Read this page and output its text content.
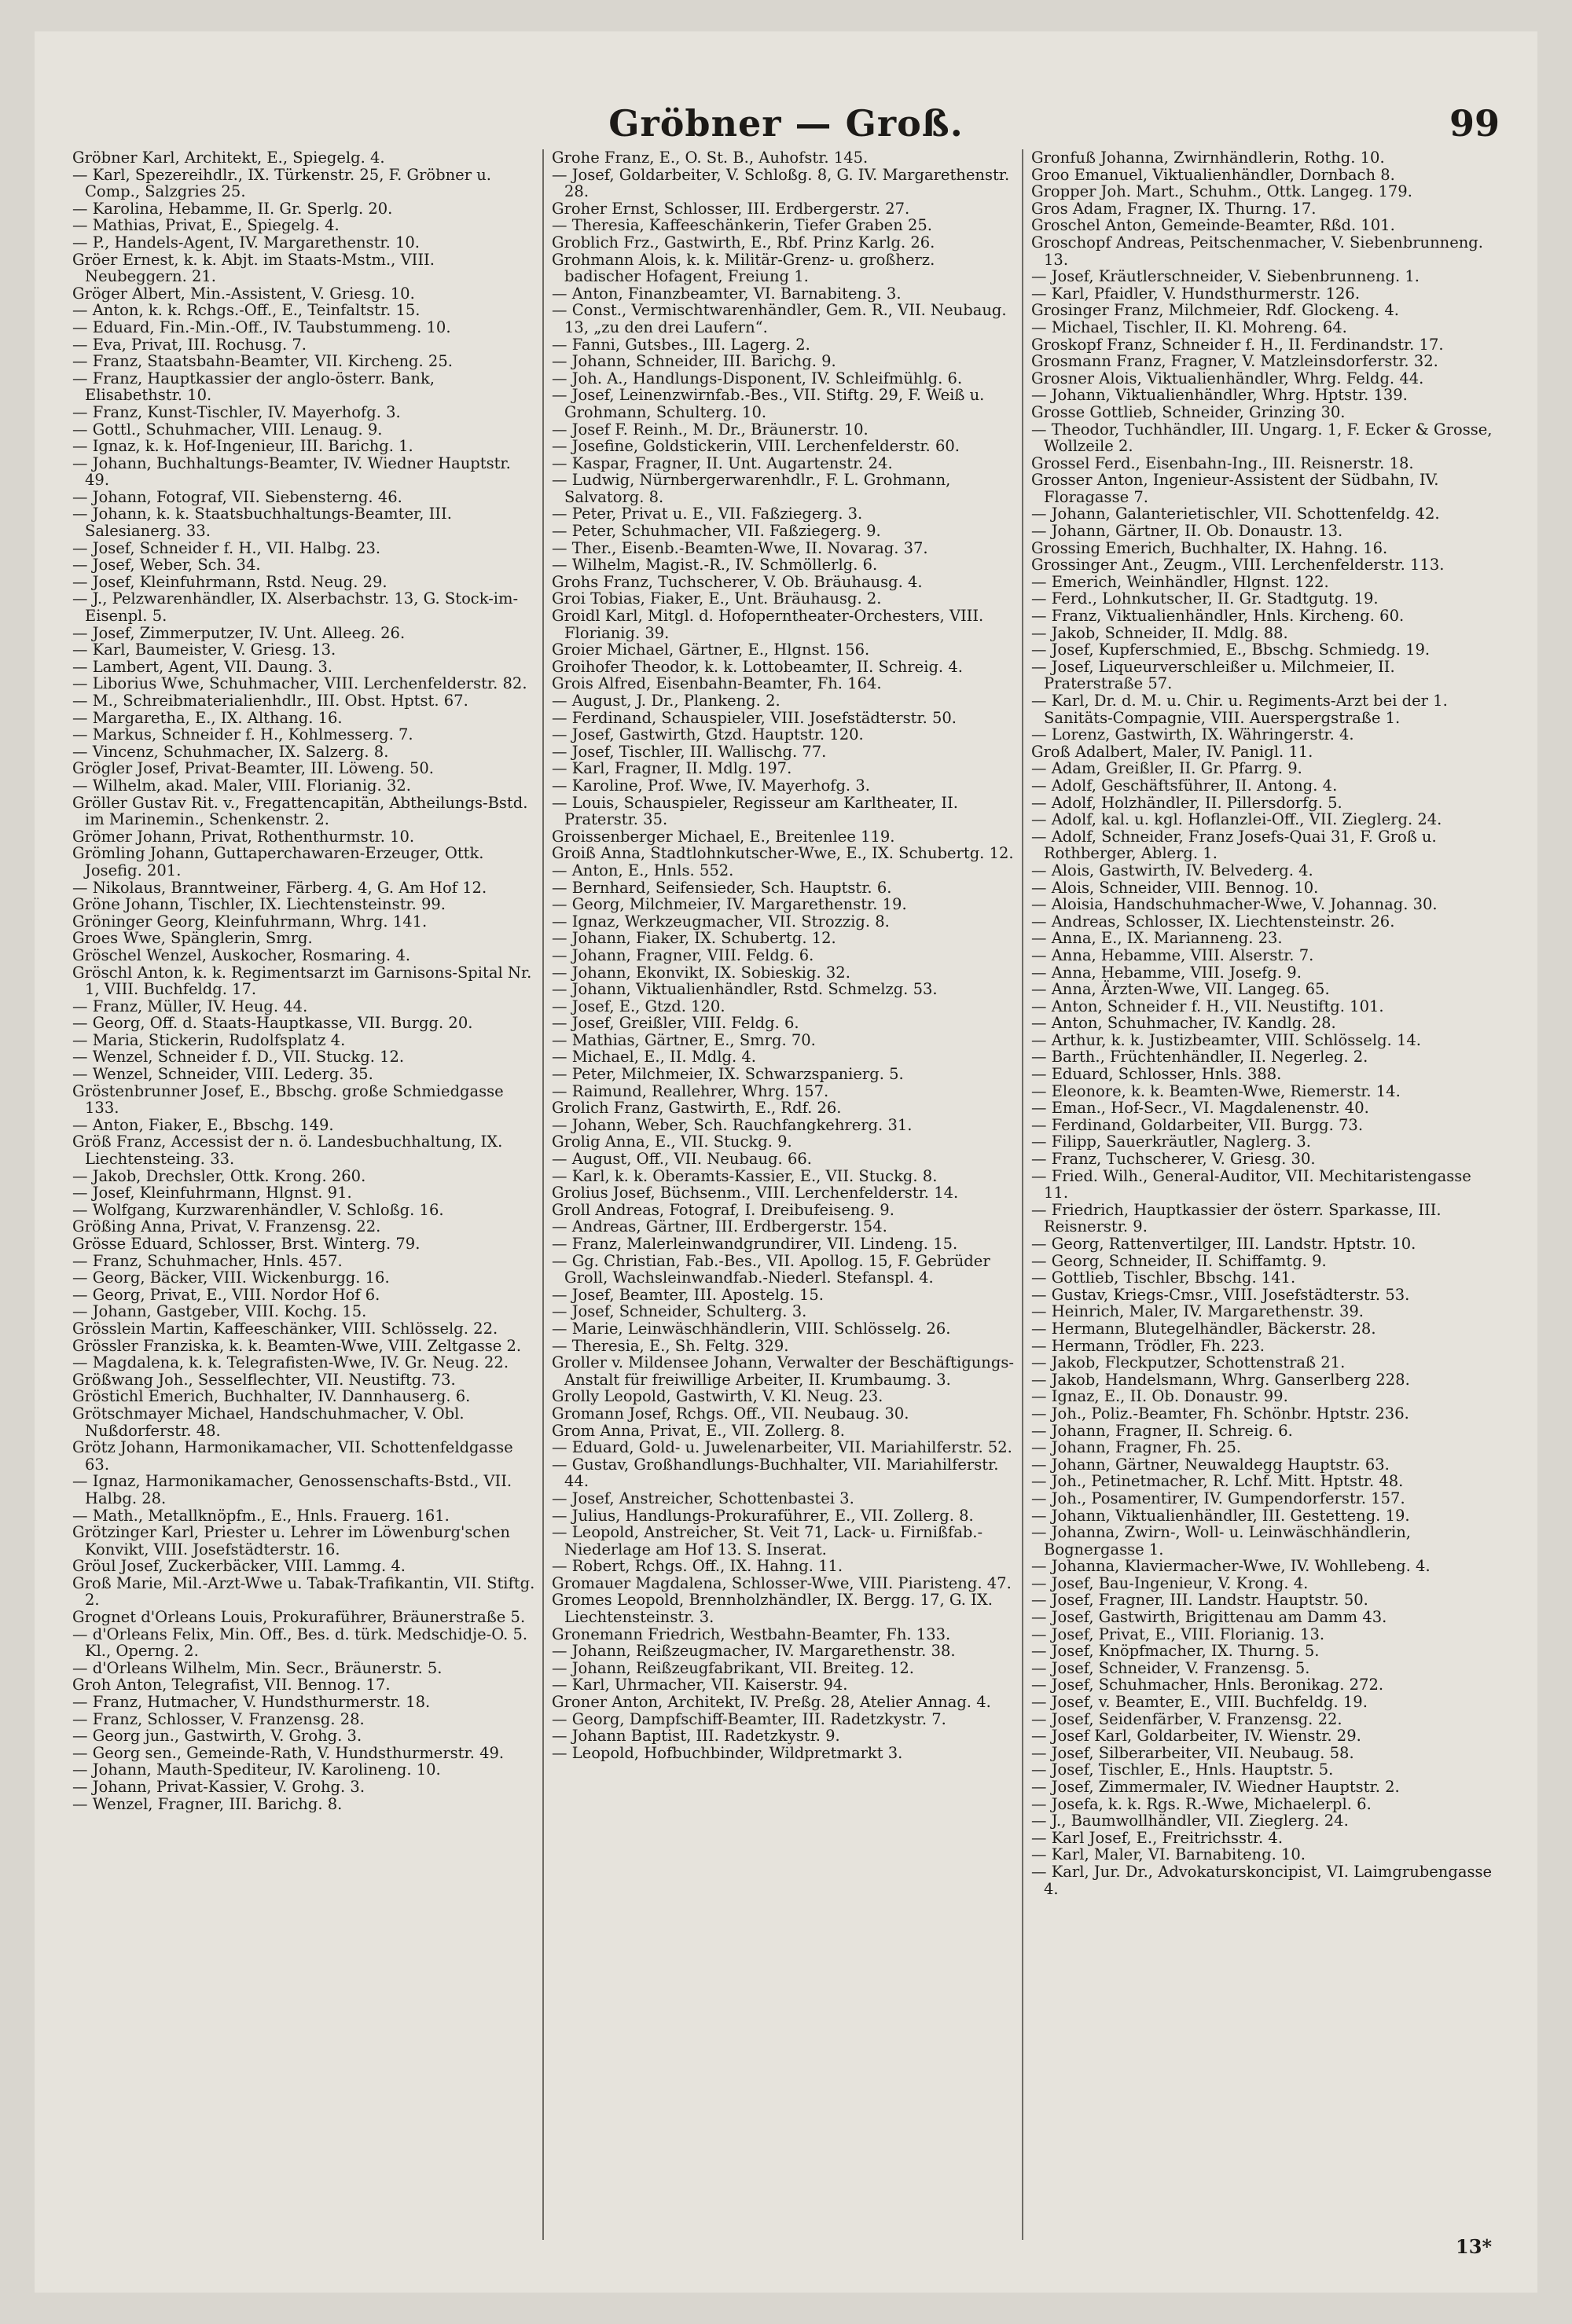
Gröbner — Groß.	99

Gröbner Karl, Architekt, E., Spiegelg. 4.

— Karl, Spezereihdlr., IX. Türkenstr. 25, F. Gröbner u. Comp., Salzgries 25.

— Karolina, Hebamme, II. Gr. Sperlg. 20.

— Mathias, Privat, E., Spiegelg. 4.

— P., Handels-Agent, IV. Margarethenstr. 10.

Gröer Ernest, k. k. Abjt. im Staats-Mstm., VIII. Neubeggern. 21.

Gröger Albert, Min.-Assistent, V. Griesg. 10.

— Anton, k. k. Rchgs.-Off., E., Teinfaltstr. 15.

— Eduard, Fin.-Min.-Off., IV. Taubstummeng. 10.

— Eva, Privat, III. Rochusg. 7.

— Franz, Staatsbahn-Beamter, VII. Kircheng. 25.

— Franz, Hauptkassier der anglo-österr. Bank, Elisabethstr. 10.

— Franz, Kunst-Tischler, IV. Mayerhofg. 3.

— Gottl., Schuhmacher, VIII. Lenaug. 9.

— Ignaz, k. k. Hof-Ingenieur, III. Barichg. 1.

— Johann, Buchhaltungs-Beamter, IV. Wiedner Hauptstr. 49.

— Johann, Fotograf, VII. Siebensterng. 46.

— Johann, k. k. Staatsbuchhaltungs-Beamter, III. Salesianerg. 33.

— Josef, Schneider f. H., VII. Halbg. 23.

— Josef, Weber, Sch. 34.

— Josef, Kleinfuhrmann, Rstd. Neug. 29.

— J., Pelzwarenhändler, IX. Alserbachstr. 13, G. Stock-im-Eisenpl. 5.

— Josef, Zimmerputzer, IV. Unt. Alleeg. 26.

— Karl, Baumeister, V. Griesg. 13.

— Lambert, Agent, VII. Daung. 3.

— Liborius Wwe, Schuhmacher, VIII. Lerchenfelderstr. 82.

— M., Schreibmaterialienhdlr., III. Obst. Hptst. 67.

— Margaretha, E., IX. Althang. 16.

— Markus, Schneider f. H., Kohlmesserg. 7.

— Vincenz, Schuhmacher, IX. Salzerg. 8.

Grögler Josef, Privat-Beamter, III. Löweng. 50.

— Wilhelm, akad. Maler, VIII. Florianig. 32.

Gröller Gustav Rit. v., Fregattencapitän, Abtheilungs-Bstd. im Marinemin., Schenkenstr. 2.

Grömer Johann, Privat, Rothenthurmstr. 10.

Grömling Johann, Guttaperchawaren-Erzeuger, Ottk. Josefig. 201.

— Nikolaus, Branntweiner, Färberg. 4, G. Am Hof 12.

Gröne Johann, Tischler, IX. Liechtensteinstr. 99.

Gröninger Georg, Kleinfuhrmann, Whrg. 141.

Groes Wwe, Spänglerin, Smrg.

Gröschel Wenzel, Auskocher, Rosmaring. 4.

Gröschl Anton, k. k. Regimentsarzt im Garnisons-Spital Nr. 1, VIII. Buchfeldg. 17.

— Franz, Müller, IV. Heug. 44.

— Georg, Off. d. Staats-Hauptkasse, VII. Burgg. 20.

— Maria, Stickerin, Rudolfsplatz 4.

— Wenzel, Schneider f. D., VII. Stuckg. 12.

— Wenzel, Schneider, VIII. Lederg. 35.

Gröstenbrunner Josef, E., Bbschg. große Schmiedgasse 133.

— Anton, Fiaker, E., Bbschg. 149.

Größ Franz, Accessist der n. ö. Landesbuchhaltung, IX. Liechtensteing. 33.

— Jakob, Drechsler, Ottk. Krong. 260.

— Josef, Kleinfuhrmann, Hlgnst. 91.

— Wolfgang, Kurzwarenhändler, V. Schloßg. 16.

Größing Anna, Privat, V. Franzensg. 22.

Grösse Eduard, Schlosser, Brst. Winterg. 79.

— Franz, Schuhmacher, Hnls. 457.

— Georg, Bäcker, VIII. Wickenburgg. 16.

— Georg, Privat, E., VIII. Nordor Hof 6.

— Johann, Gastgeber, VIII. Kochg. 15.

Grösslein Martin, Kaffeeschänker, VIII. Schlösselg. 22.

Grössler Franziska, k. k. Beamten-Wwe, VIII. Zeltgasse 2.

— Magdalena, k. k. Telegrafisten-Wwe, IV. Gr. Neug. 22.

Größwang Joh., Sesselflechter, VII. Neustiftg. 73.

Gröstichl Emerich, Buchhalter, IV. Dannhauserg. 6.

Grötschmayer Michael, Handschuhmacher, V. Obl. Nußdorferstr. 48.

Grötz Johann, Harmonikamacher, VII. Schottenfeldgasse 63.

— Ignaz, Harmonikamacher, Genossenschafts-Bstd., VII. Halbg. 28.

— Math., Metallknöpfm., E., Hnls. Frauerg. 161.

Grötzinger Karl, Priester u. Lehrer im Löwenburg'schen Konvikt, VIII. Josefstädterstr. 16.

Gröul Josef, Zuckerbäcker, VIII. Lammg. 4.

Groß Marie, Mil.-Arzt-Wwe u. Tabak-Trafikantin, VII. Stiftg. 2.

Grognet d'Orleans Louis, Prokuraführer, Bräunerstraße 5.

— d'Orleans Felix, Min. Off., Bes. d. türk. Medschidje-O. 5. Kl., Operng. 2.

— d'Orleans Wilhelm, Min. Secr., Bräunerstr. 5.

Groh Anton, Telegrafist, VII. Bennog. 17.

— Franz, Hutmacher, V. Hundsthurmerstr. 18.

— Franz, Schlosser, V. Franzensg. 28.

— Georg jun., Gastwirth, V. Grohg. 3.

— Georg sen., Gemeinde-Rath, V. Hundsthurmerstr. 49.

— Johann, Mauth-Spediteur, IV. Karolineng. 10.

— Johann, Privat-Kassier, V. Grohg. 3.

— Wenzel, Fragner, III. Barichg. 8.

Grohe Franz, E., O. St. B., Auhofstr. 145.

— Josef, Goldarbeiter, V. Schloßg. 8, G. IV. Margarethenstr. 28.

Groher Ernst, Schlosser, III. Erdbergerstr. 27.

— Theresia, Kaffeeschänkerin, Tiefer Graben 25.

Groblich Frz., Gastwirth, E., Rbf. Prinz Karlg. 26.

Grohmann Alois, k. k. Militär-Grenz- u. großherz. badischer Hofagent, Freiung 1.

— Anton, Finanzbeamter, VI. Barnabiteng. 3.

— Const., Vermischtwarenhändler, Gem. R., VII. Neubaug. 13, „zu den drei Laufern“.

— Fanni, Gutsbes., III. Lagerg. 2.

— Johann, Schneider, III. Barichg. 9.

— Joh. A., Handlungs-Disponent, IV. Schleifmühlg. 6.

— Josef, Leinenzwirnfab.-Bes., VII. Stiftg. 29, F. Weiß u. Grohmann, Schulterg. 10.

— Josef F. Reinh., M. Dr., Bräunerstr. 10.

— Josefine, Goldstickerin, VIII. Lerchenfelderstr. 60.

— Kaspar, Fragner, II. Unt. Augartenstr. 24.

— Ludwig, Nürnbergerwarenhdlr., F. L. Grohmann, Salvatorg. 8.

— Peter, Privat u. E., VII. Faßziegerg. 3.

— Peter, Schuhmacher, VII. Faßziegerg. 9.

— Ther., Eisenb.-Beamten-Wwe, II. Novarag. 37.

— Wilhelm, Magist.-R., IV. Schmöllerlg. 6.

Grohs Franz, Tuchscherer, V. Ob. Bräuhausg. 4.

Groi Tobias, Fiaker, E., Unt. Bräuhausg. 2.

Groidl Karl, Mitgl. d. Hofoperntheater-Orchesters, VIII. Florianig. 39.

Groier Michael, Gärtner, E., Hlgnst. 156.

Groihofer Theodor, k. k. Lottobeamter, II. Schreig. 4.

Grois Alfred, Eisenbahn-Beamter, Fh. 164.

— August, J. Dr., Plankeng. 2.

— Ferdinand, Schauspieler, VIII. Josefstädterstr. 50.

— Josef, Gastwirth, Gtzd. Hauptstr. 120.

— Josef, Tischler, III. Wallischg. 77.

— Karl, Fragner, II. Mdlg. 197.

— Karoline, Prof. Wwe, IV. Mayerhofg. 3.

— Louis, Schauspieler, Regisseur am Karltheater, II. Praterstr. 35.

Groissenberger Michael, E., Breitenlee 119.

Groiß Anna, Stadtlohnkutscher-Wwe, E., IX. Schubertg. 12.

— Anton, E., Hnls. 552.

— Bernhard, Seifensieder, Sch. Hauptstr. 6.

— Georg, Milchmeier, IV. Margarethenstr. 19.

— Ignaz, Werkzeugmacher, VII. Strozzig. 8.

— Johann, Fiaker, IX. Schubertg. 12.

— Johann, Fragner, VIII. Feldg. 6.

— Johann, Ekonvikt, IX. Sobieskig. 32.

— Johann, Viktualienhändler, Rstd. Schmelzg. 53.

— Josef, E., Gtzd. 120.

— Josef, Greißler, VIII. Feldg. 6.

— Mathias, Gärtner, E., Smrg. 70.

— Michael, E., II. Mdlg. 4.

— Peter, Milchmeier, IX. Schwarzspanierg. 5.

— Raimund, Reallehrer, Whrg. 157.

Grolich Franz, Gastwirth, E., Rdf. 26.

— Johann, Weber, Sch. Rauchfangkehrerg. 31.

Grolig Anna, E., VII. Stuckg. 9.

— August, Off., VII. Neubaug. 66.

— Karl, k. k. Oberamts-Kassier, E., VII. Stuckg. 8.

Grolius Josef, Büchsenm., VIII. Lerchenfelderstr. 14.

Groll Andreas, Fotograf, I. Dreibufeiseng. 9.

— Andreas, Gärtner, III. Erdbergerstr. 154.

— Franz, Malerleinwandgrundirer, VII. Lindeng. 15.

— Gg. Christian, Fab.-Bes., VII. Apollog. 15, F. Gebrüder Groll, Wachsleinwandfab.-Niederl. Stefanspl. 4.

— Josef, Beamter, III. Apostelg. 15.

— Josef, Schneider, Schulterg. 3.

— Marie, Leinwäschhändlerin, VIII. Schlösselg. 26.

— Theresia, E., Sh. Feltg. 329.

Groller v. Mildensee Johann, Verwalter der Beschäftigungs-Anstalt für freiwillige Arbeiter, II. Krumbaumg. 3.

Grolly Leopold, Gastwirth, V. Kl. Neug. 23.

Gromann Josef, Rchgs. Off., VII. Neubaug. 30.

Grom Anna, Privat, E., VII. Zollerg. 8.

— Eduard, Gold- u. Juwelenarbeiter, VII. Mariahilferstr. 52.

— Gustav, Großhandlungs-Buchhalter, VII. Mariahilferstr. 44.

— Josef, Anstreicher, Schottenbastei 3.

— Julius, Handlungs-Prokuraführer, E., VII. Zollerg. 8.

— Leopold, Anstreicher, St. Veit 71, Lack- u. Firnißfab.-Niederlage am Hof 13. S. Inserat.

— Robert, Rchgs. Off., IX. Hahng. 11.

Gromauer Magdalena, Schlosser-Wwe, VIII. Piaristeng. 47.

Gromes Leopold, Brennholzhändler, IX. Bergg. 17, G. IX. Liechtensteinstr. 3.

Gronemann Friedrich, Westbahn-Beamter, Fh. 133.

— Johann, Reißzeugmacher, IV. Margarethenstr. 38.

— Johann, Reißzeugfabrikant, VII. Breiteg. 12.

— Karl, Uhrmacher, VII. Kaiserstr. 94.

Groner Anton, Architekt, IV. Preßg. 28, Atelier Annag. 4.

— Georg, Dampfschiff-Beamter, III. Radetzkystr. 7.

— Johann Baptist, III. Radetzkystr. 9.

— Leopold, Hofbuchbinder, Wildpretmarkt 3.

Gronfuß Johanna, Zwirnhändlerin, Rothg. 10.

Groo Emanuel, Viktualienhändler, Dornbach 8.

Gropper Joh. Mart., Schuhm., Ottk. Langeg. 179.

Gros Adam, Fragner, IX. Thurng. 17.

Groschel Anton, Gemeinde-Beamter, Rßd. 101.

Groschopf Andreas, Peitschenmacher, V. Siebenbrunneng. 13.

— Josef, Kräutlerschneider, V. Siebenbrunneng. 1.

— Karl, Pfaidler, V. Hundsthurmerstr. 126.

Grosinger Franz, Milchmeier, Rdf. Glockeng. 4.

— Michael, Tischler, II. Kl. Mohreng. 64.

Groskopf Franz, Schneider f. H., II. Ferdinandstr. 17.

Grosmann Franz, Fragner, V. Matzleinsdorferstr. 32.

Grosner Alois, Viktualienhändler, Whrg. Feldg. 44.

— Johann, Viktualienhändler, Whrg. Hptstr. 139.

Grosse Gottlieb, Schneider, Grinzing 30.

— Theodor, Tuchhändler, III. Ungarg. 1, F. Ecker & Grosse, Wollzeile 2.

Grossel Ferd., Eisenbahn-Ing., III. Reisnerstr. 18.

Grosser Anton, Ingenieur-Assistent der Südbahn, IV. Floragasse 7.

— Johann, Galanterietischler, VII. Schottenfeldg. 42.

— Johann, Gärtner, II. Ob. Donaustr. 13.

Grossing Emerich, Buchhalter, IX. Hahng. 16.

Grossinger Ant., Zeugm., VIII. Lerchenfelderstr. 113.

— Emerich, Weinhändler, Hlgnst. 122.

— Ferd., Lohnkutscher, II. Gr. Stadtgutg. 19.

— Franz, Viktualienhändler, Hnls. Kircheng. 60.

— Jakob, Schneider, II. Mdlg. 88.

— Josef, Kupferschmied, E., Bbschg. Schmiedg. 19.

— Josef, Liqueurverschleißer u. Milchmeier, II. Praterstraße 57.

— Karl, Dr. d. M. u. Chir. u. Regiments-Arzt bei der 1. Sanitäts-Compagnie, VIII. Auerspergstraße 1.

— Lorenz, Gastwirth, IX. Währingerstr. 4.

Groß Adalbert, Maler, IV. Panigl. 11.

— Adam, Greißler, II. Gr. Pfarrg. 9.

— Adolf, Geschäftsführer, II. Antong. 4.

— Adolf, Holzhändler, II. Pillersdorfg. 5.

— Adolf, kal. u. kgl. Hoflanzlei-Off., VII. Zieglerg. 24.

— Adolf, Schneider, Franz Josefs-Quai 31, F. Groß u. Rothberger, Ablerg. 1.

— Alois, Gastwirth, IV. Belvederg. 4.

— Alois, Schneider, VIII. Bennog. 10.

— Aloisia, Handschuhmacher-Wwe, V. Johannag. 30.

— Andreas, Schlosser, IX. Liechtensteinstr. 26.

— Anna, E., IX. Marianneng. 23.

— Anna, Hebamme, VIII. Alserstr. 7.

— Anna, Hebamme, VIII. Josefg. 9.

— Anna, Ärzten-Wwe, VII. Langeg. 65.

— Anton, Schneider f. H., VII. Neustiftg. 101.

— Anton, Schuhmacher, IV. Kandlg. 28.

— Arthur, k. k. Justizbeamter, VIII. Schlösselg. 14.

— Barth., Früchtenhändler, II. Negerleg. 2.

— Eduard, Schlosser, Hnls. 388.

— Eleonore, k. k. Beamten-Wwe, Riemerstr. 14.

— Eman., Hof-Secr., VI. Magdalenenstr. 40.

— Ferdinand, Goldarbeiter, VII. Burgg. 73.

— Filipp, Sauerkräutler, Naglerg. 3.

— Franz, Tuchscherer, V. Griesg. 30.

— Fried. Wilh., General-Auditor, VII. Mechitaristengasse 11.

— Friedrich, Hauptkassier der österr. Sparkasse, III. Reisnerstr. 9.

— Georg, Rattenvertilger, III. Landstr. Hptstr. 10.

— Georg, Schneider, II. Schiffamtg. 9.

— Gottlieb, Tischler, Bbschg. 141.

— Gustav, Kriegs-Cmsr., VIII. Josefstädterstr. 53.

— Heinrich, Maler, IV. Margarethenstr. 39.

— Hermann, Blutegelhändler, Bäckerstr. 28.

— Hermann, Trödler, Fh. 223.

— Jakob, Fleckputzer, Schottenstraß 21.

— Jakob, Handelsmann, Whrg. Ganserlberg 228.

— Ignaz, E., II. Ob. Donaustr. 99.

— Joh., Poliz.-Beamter, Fh. Schönbr. Hptstr. 236.

— Johann, Fragner, II. Schreig. 6.

— Johann, Fragner, Fh. 25.

— Johann, Gärtner, Neuwaldegg Hauptstr. 63.

— Joh., Petinetmacher, R. Lchf. Mitt. Hptstr. 48.

— Joh., Posamentirer, IV. Gumpendorferstr. 157.

— Johann, Viktualienhändler, III. Gestetteng. 19.

— Johanna, Zwirn-, Woll- u. Leinwäschhändlerin, Bognergasse 1.

— Johanna, Klaviermacher-Wwe, IV. Wohllebeng. 4.

— Josef, Bau-Ingenieur, V. Krong. 4.

— Josef, Fragner, III. Landstr. Hauptstr. 50.

— Josef, Gastwirth, Brigittenau am Damm 43.

— Josef, Privat, E., VIII. Florianig. 13.

— Josef, Knöpfmacher, IX. Thurng. 5.

— Josef, Schneider, V. Franzensg. 5.

— Josef, Schuhmacher, Hnls. Beronikag. 272.

— Josef, v. Beamter, E., VIII. Buchfeldg. 19.

— Josef, Seidenfärber, V. Franzensg. 22.

— Josef Karl, Goldarbeiter, IV. Wienstr. 29.

— Josef, Silberarbeiter, VII. Neubaug. 58.

— Josef, Tischler, E., Hnls. Hauptstr. 5.

— Josef, Zimmermaler, IV. Wiedner Hauptstr. 2.

— Josefa, k. k. Rgs. R.-Wwe, Michaelerpl. 6.

— J., Baumwollhändler, VII. Zieglerg. 24.

— Karl Josef, E., Freitrichsstr. 4.

— Karl, Maler, VI. Barnabiteng. 10.

— Karl, Jur. Dr., Advokaturskoncipist, VI. Laimgrubengasse 4.

13*
